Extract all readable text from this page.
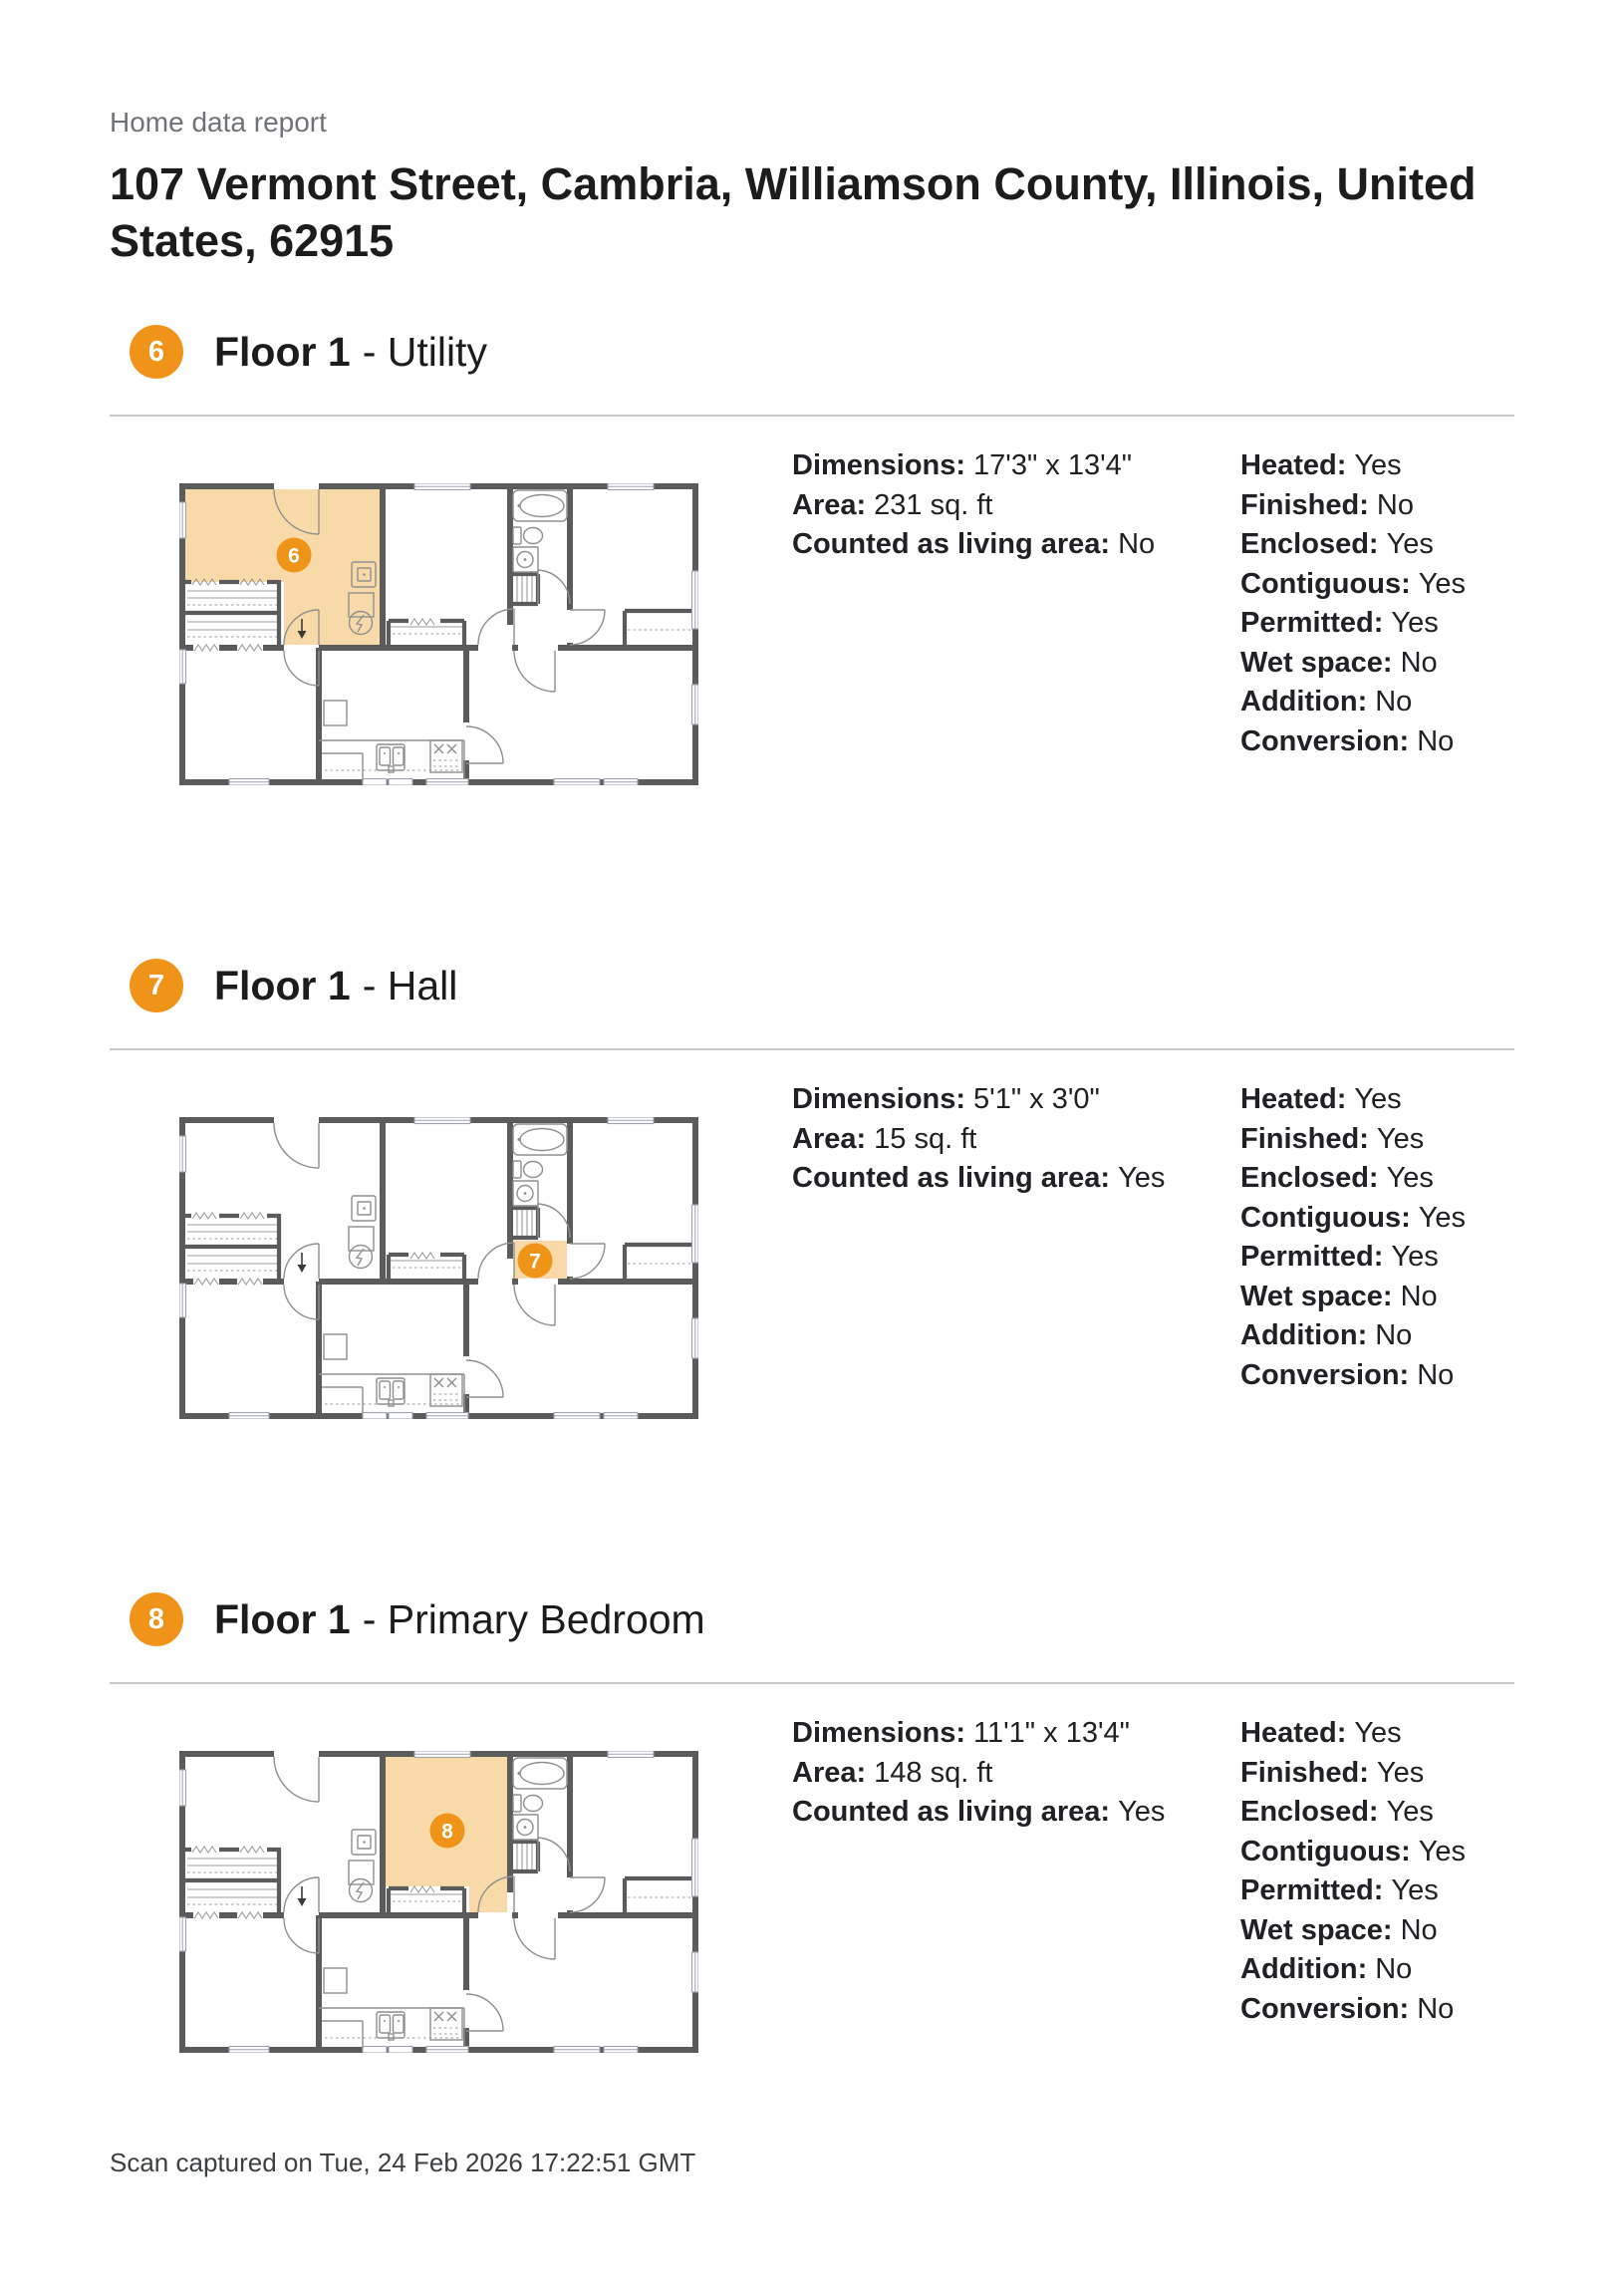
Home data report
107 Vermont Street, Cambria, Williamson County, Illinois, United
States, 62915
6	Floor 1 - Utility
6
Dimensions: 17'3" x 13'4"
Area: 231 sq. ft
Counted as living area: No
Heated: Yes
Finished: No
Enclosed: Yes
Contiguous: Yes
Permitted: Yes
Wet space: No
Addition: No
Conversion: No
7	Floor 1 - Hall
7
Dimensions: 5'1" x 3'0"
Area: 15 sq. ft
Counted as living area: Yes
Heated: Yes
Finished: Yes
Enclosed: Yes
Contiguous: Yes
Permitted: Yes
Wet space: No
Addition: No
Conversion: No
8	Floor 1 - Primary Bedroom
8
Dimensions: 11'1" x 13'4"
Area: 148 sq. ft
Counted as living area: Yes
Heated: Yes
Finished: Yes
Enclosed: Yes
Contiguous: Yes
Permitted: Yes
Wet space: No
Addition: No
Conversion: No
Scan captured on Tue, 24 Feb 2026 17:22:51 GMT
